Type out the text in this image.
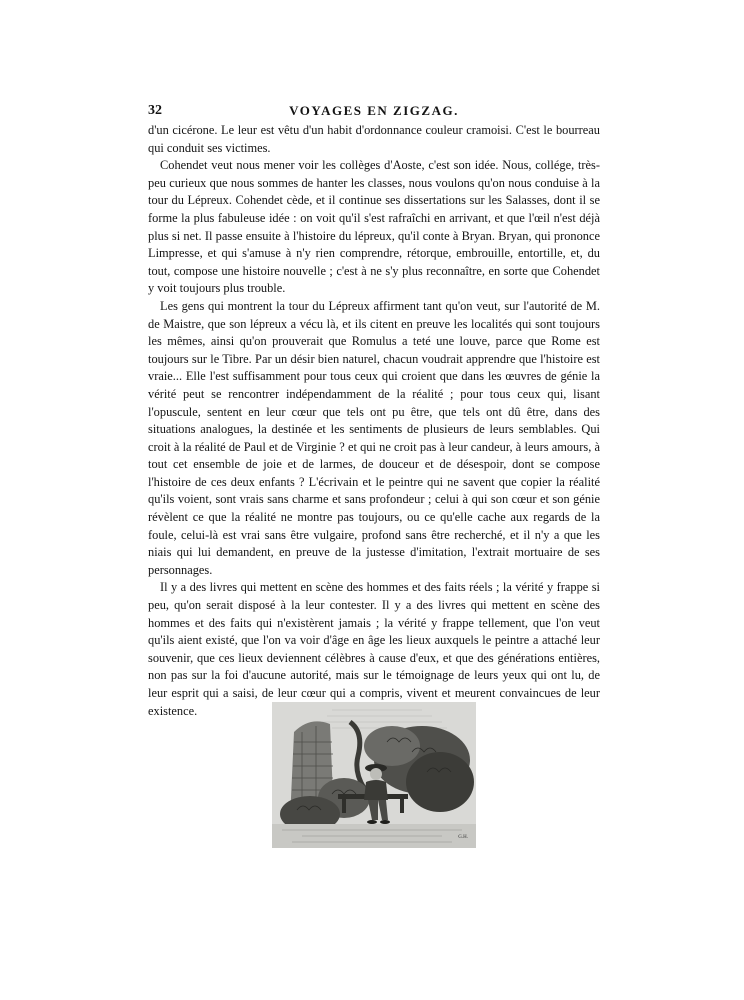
32	VOYAGES EN ZIGZAG.

d'un cicérone. Le leur est vêtu d'un habit d'ordonnance couleur cramoisi. C'est le bourreau qui conduit ses victimes.

Cohendet veut nous mener voir les collèges d'Aoste, c'est son idée. Nous, collége, très-peu curieux que nous sommes de hanter les classes, nous voulons qu'on nous conduise à la tour du Lépreux. Cohendet cède, et il continue ses dissertations sur les Salasses, dont il se forme la plus fabuleuse idée : on voit qu'il s'est rafraîchi en arrivant, et que l'œil n'est déjà plus si net. Il passe ensuite à l'histoire du lépreux, qu'il conte à Bryan. Bryan, qui prononce Limpresse, et qui s'amuse à n'y rien comprendre, rétorque, embrouille, entortille, et, du tout, compose une histoire nouvelle ; c'est à ne s'y plus reconnaître, en sorte que Cohendet y voit toujours plus trouble.

Les gens qui montrent la tour du Lépreux affirment tant qu'on veut, sur l'autorité de M. de Maistre, que son lépreux a vécu là, et ils citent en preuve les localités qui sont toujours les mêmes, ainsi qu'on prouverait que Romulus a teté une louve, parce que Rome est toujours sur le Tibre. Par un désir bien naturel, chacun voudrait apprendre que l'histoire est vraie... Elle l'est suffisamment pour tous ceux qui croient que dans les œuvres de génie la vérité peut se rencontrer indépendamment de la réalité ; pour tous ceux qui, lisant l'opuscule, sentent en leur cœur que tels ont pu être, que tels ont dû être, dans des situations analogues, la destinée et les sentiments de plusieurs de leurs semblables. Qui croit à la réalité de Paul et de Virginie ? et qui ne croit pas à leur candeur, à leurs amours, à tout cet ensemble de joie et de larmes, de douceur et de désespoir, dont se compose l'histoire de ces deux enfants ? L'écrivain et le peintre qui ne savent que copier la réalité qu'ils voient, sont vrais sans charme et sans profondeur ; celui à qui son cœur et son génie révèlent ce que la réalité ne montre pas toujours, ou ce qu'elle cache aux regards de la foule, celui-là est vrai sans être vulgaire, profond sans être recherché, et il n'y a que les niais qui lui demandent, en preuve de la justesse d'imitation, l'extrait mortuaire de ses personnages.

Il y a des livres qui mettent en scène des hommes et des faits réels ; la vérité y frappe si peu, qu'on serait disposé à la leur contester. Il y a des livres qui mettent en scène des hommes et des faits qui n'existèrent jamais ; la vérité y frappe tellement, que l'on veut qu'ils aient existé, que l'on va voir d'âge en âge les lieux auxquels le peintre a attaché leur souvenir, que ces lieux deviennent célèbres à cause d'eux, et que des générations entières, non pas sur la foi d'aucune autorité, mais sur le témoignage de leurs yeux qui ont lu, de leur esprit qui a saisi, de leur cœur qui a compris, vivent et meurent convaincues de leur existence.

G.H.
